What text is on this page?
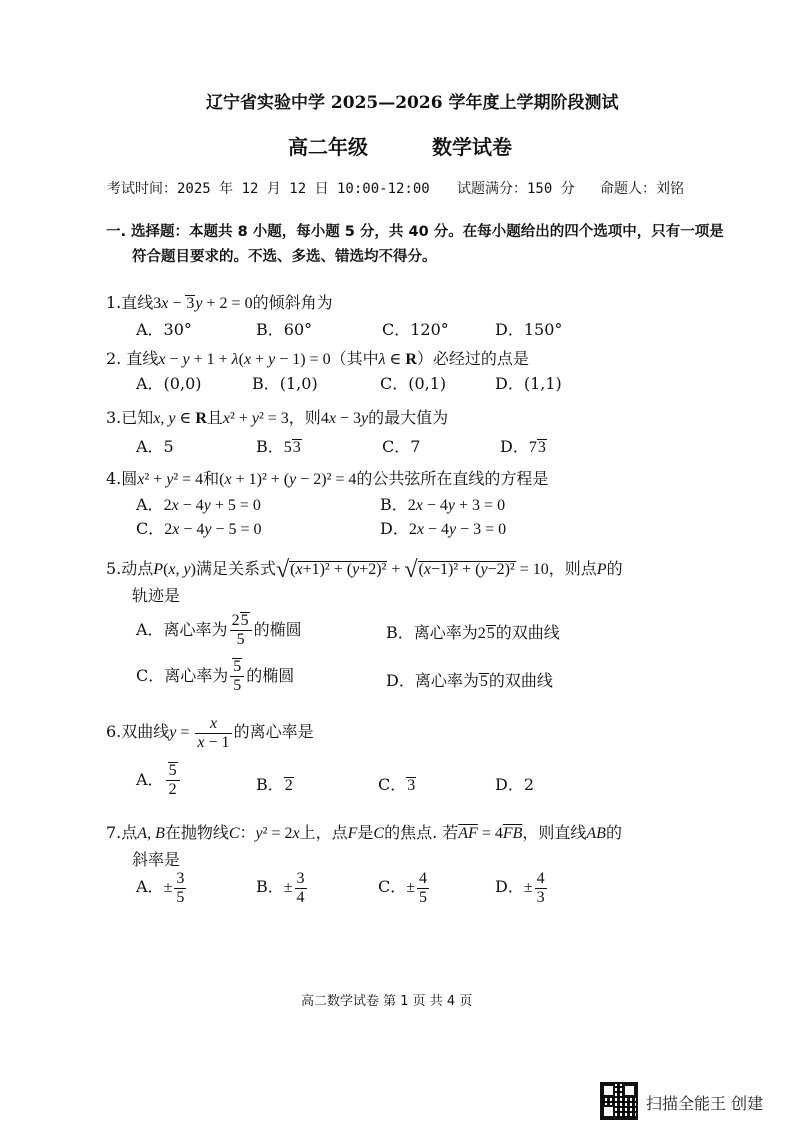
辽宁省实验中学 2025—2026 学年度上学期阶段测试
高二年级	数学试卷
考试时间：2025 年 12 月 12 日 10:00-12:00 试题满分：150 分 命题人：刘铭
一. 选择题：本题共 8 小题，每小题 5 分，共 40 分。在每小题给出的四个选项中，只有一项是
符合题目要求的。不选、多选、错选均不得分。
1.直线3x − 3y + 2 = 0的倾斜角为
A．30°	B．60°	C．120°	D．150°
2. 直线x − y + 1 + λ(x + y − 1) = 0（其中λ ∈ R）必经过的点是
A．(0,0)	B．(1,0)	C．(0,1)	D．(1,1)
3.已知x, y ∈ R且x² + y² = 3，则4x − 3y的最大值为
A．5	B．53	C．7	D．73
4.圆x² + y² = 4和(x + 1)² + (y − 2)² = 4的公共弦所在直线的方程是
A．2x − 4y + 5 = 0	B．2x − 4y + 3 = 0
C．2x − 4y − 5 = 0	D．2x − 4y − 3 = 0
5.动点P(x, y)满足关系式√(x+1)² + (y+2)² + √(x−1)² + (y−2)² = 10，则点P的
轨迹是
A．离心率为 $\frac{25}{5}$ 的椭圆	B．离心率为25的双曲线
C．离心率为 $\frac{5}{5}$ 的椭圆	D．离心率为5的双曲线
6.双曲线$y = \frac{x}{x - 1}$ 的离心率是
A． $\frac{5}{2}$	B．2	C．3	D．2
7.点A, B在抛物线C：y² = 2x上，点F是C的焦点. 若$\overline{AF} = 4\overline{FB}$，则直线AB的
斜率是
A．± $\frac{3}{5}$	B．± $\frac{3}{4}$	C．± $\frac{4}{5}$	D．± $\frac{4}{3}$
高二数学试卷 第 1 页 共 4 页
扫描全能王 创建
